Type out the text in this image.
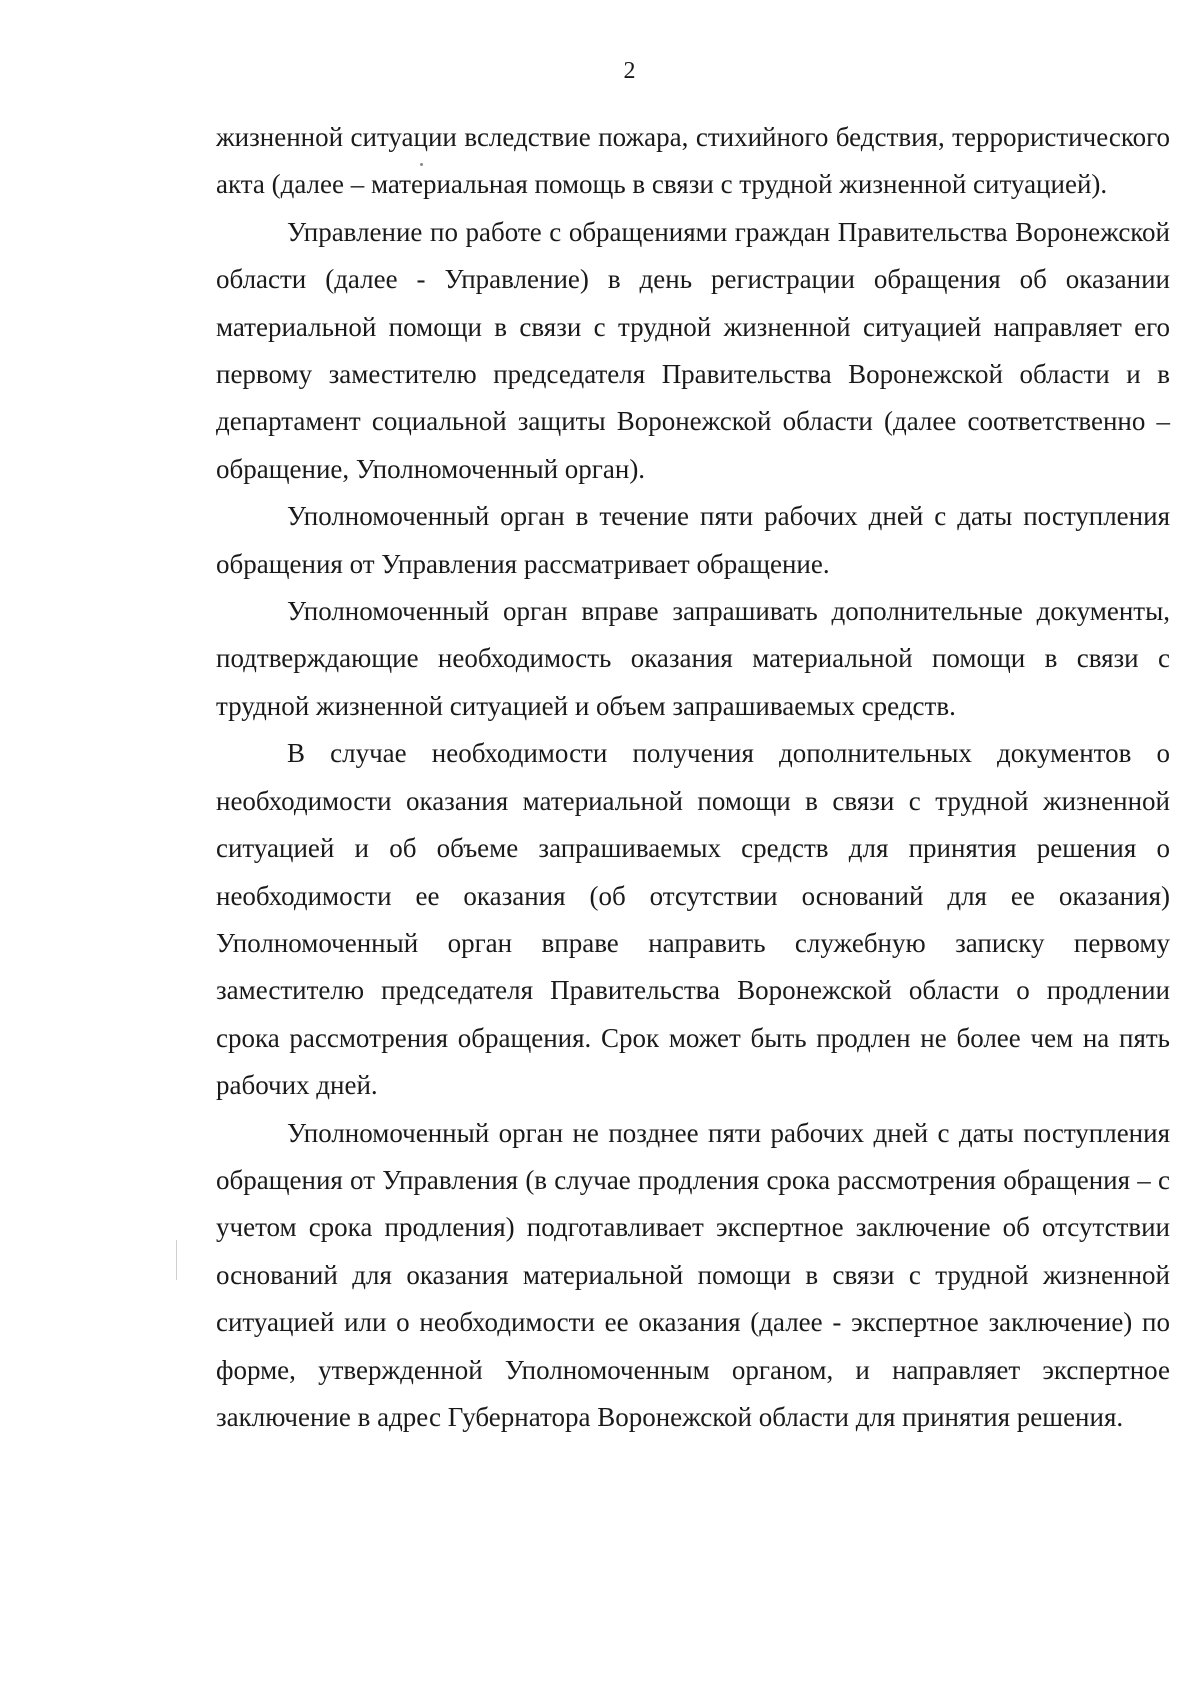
2

жизненной ситуации вследствие пожара, стихийного бедствия, террористического акта (далее – материальная помощь в связи с трудной жизненной ситуацией).

Управление по работе с обращениями граждан Правительства Воронежской области (далее - Управление) в день регистрации обращения об оказании материальной помощи в связи с трудной жизненной ситуацией направляет его первому заместителю председателя Правительства Воронежской области и в департамент социальной защиты Воронежской области (далее соответственно – обращение, Уполномоченный орган).

Уполномоченный орган в течение пяти рабочих дней с даты поступления обращения от Управления рассматривает обращение.

Уполномоченный орган вправе запрашивать дополнительные документы, подтверждающие необходимость оказания материальной помощи в связи с трудной жизненной ситуацией и объем запрашиваемых средств.

В случае необходимости получения дополнительных документов о необходимости оказания материальной помощи в связи с трудной жизненной ситуацией и об объеме запрашиваемых средств для принятия решения о необходимости ее оказания (об отсутствии оснований для ее оказания) Уполномоченный орган вправе направить служебную записку первому заместителю председателя Правительства Воронежской области о продлении срока рассмотрения обращения. Срок может быть продлен не более чем на пять рабочих дней.

Уполномоченный орган не позднее пяти рабочих дней с даты поступления обращения от Управления (в случае продления срока рассмотрения обращения – с учетом срока продления) подготавливает экспертное заключение об отсутствии оснований для оказания материальной помощи в связи с трудной жизненной ситуацией или о необходимости ее оказания (далее - экспертное заключение) по форме, утвержденной Уполномоченным органом, и направляет экспертное заключение в адрес Губернатора Воронежской области для принятия решения.
